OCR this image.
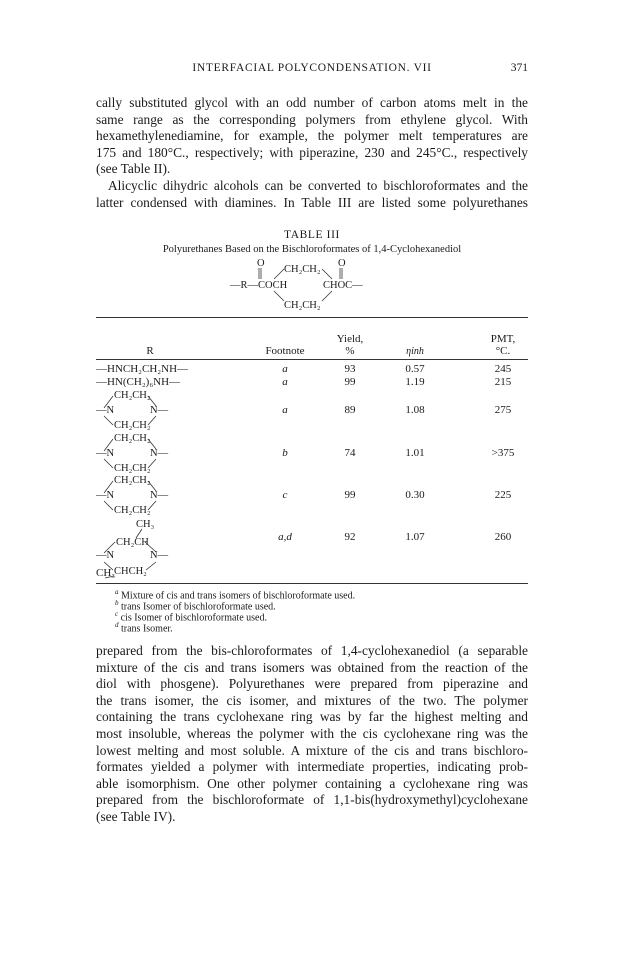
INTERFACIAL POLYCONDENSATION. VII	371

cally substituted glycol with an odd number of carbon atoms melt in the
same range as the corresponding polymers from ethylene glycol. With
hexamethylenediamine, for example, the polymer melt temperatures are
175 and 180°C., respectively; with piperazine, 230 and 245°C., respectively
(see Table II).

Alicyclic dihydric alcohols can be converted to bischloroformates and the
latter condensed with diamines. In Table III are listed some polyurethanes

TABLE III
Polyurethanes Based on the Bischloroformates of 1,4-Cyclohexanediol
O	O
CH₂CH₂
—R—COCH	CHOC—
CH₂CH₂
R	Footnote
Yield,
%	ηinh
PMT,
°C.
—HNCH₂CH₂NH—	a	93	0.57	245
—HN(CH₂)₆NH—	a	99	1.19	215
CH₂CH₂
—N	N—
CH₂CH₂
a	89	1.08	275
CH₂CH₂
—N	N—
CH₂CH₂
b	74	1.01	>375
CH₂CH₂
—N	N—
CH₂CH₂
c	99	0.30	225
CH₃
CH₂CH
—N	N—
CHCH₂
CH₃
a,d	92	1.07	260
$^a$ Mixture of cis and trans isomers of bischloroformate used.
$^b$ trans Isomer of bischloroformate used.
$^c$ cis Isomer of bischloroformate used.
$^d$ trans Isomer.

prepared from the bis-chloroformates of 1,4-cyclohexanediol (a separable
mixture of the cis and trans isomers was obtained from the reaction of the
diol with phosgene). Polyurethanes were prepared from piperazine and
the trans isomer, the cis isomer, and mixtures of the two. The polymer
containing the trans cyclohexane ring was by far the highest melting and
most insoluble, whereas the polymer with the cis cyclohexane ring was the
lowest melting and most soluble. A mixture of the cis and trans bischloro-
formates yielded a polymer with intermediate properties, indicating prob-
able isomorphism. One other polymer containing a cyclohexane ring was
prepared from the bischloroformate of 1,1-bis(hydroxymethyl)cyclohexane
(see Table IV).
